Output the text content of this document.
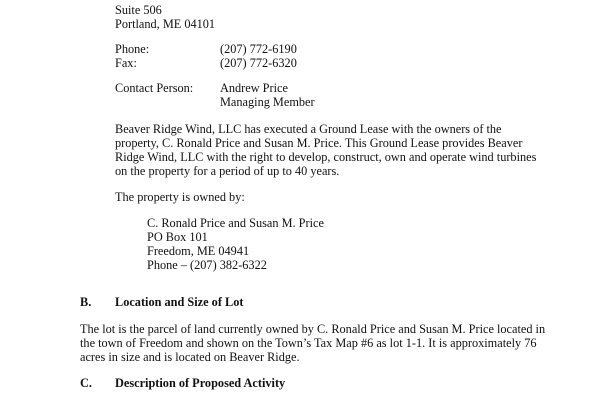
Suite 506

Portland, ME 04101

Phone:	(207) 772-6190

Fax:	(207) 772-6320

Contact Person: Andrew Price

Managing Member

Beaver Ridge Wind, LLC has executed a Ground Lease with the owners of the

property, C. Ronald Price and Susan M. Price. This Ground Lease provides Beaver

Ridge Wind, LLC with the right to develop, construct, own and operate wind turbines

on the property for a period of up to 40 years.

The property is owned by:

C. Ronald Price and Susan M. Price

PO Box 101

Freedom, ME 04941

Phone – (207) 382-6322

B. Location and Size of Lot

The lot is the parcel of land currently owned by C. Ronald Price and Susan M. Price located in

the town of Freedom and shown on the Town’s Tax Map #6 as lot 1-1. It is approximately 76

acres in size and is located on Beaver Ridge.

C. Description of Proposed Activity
